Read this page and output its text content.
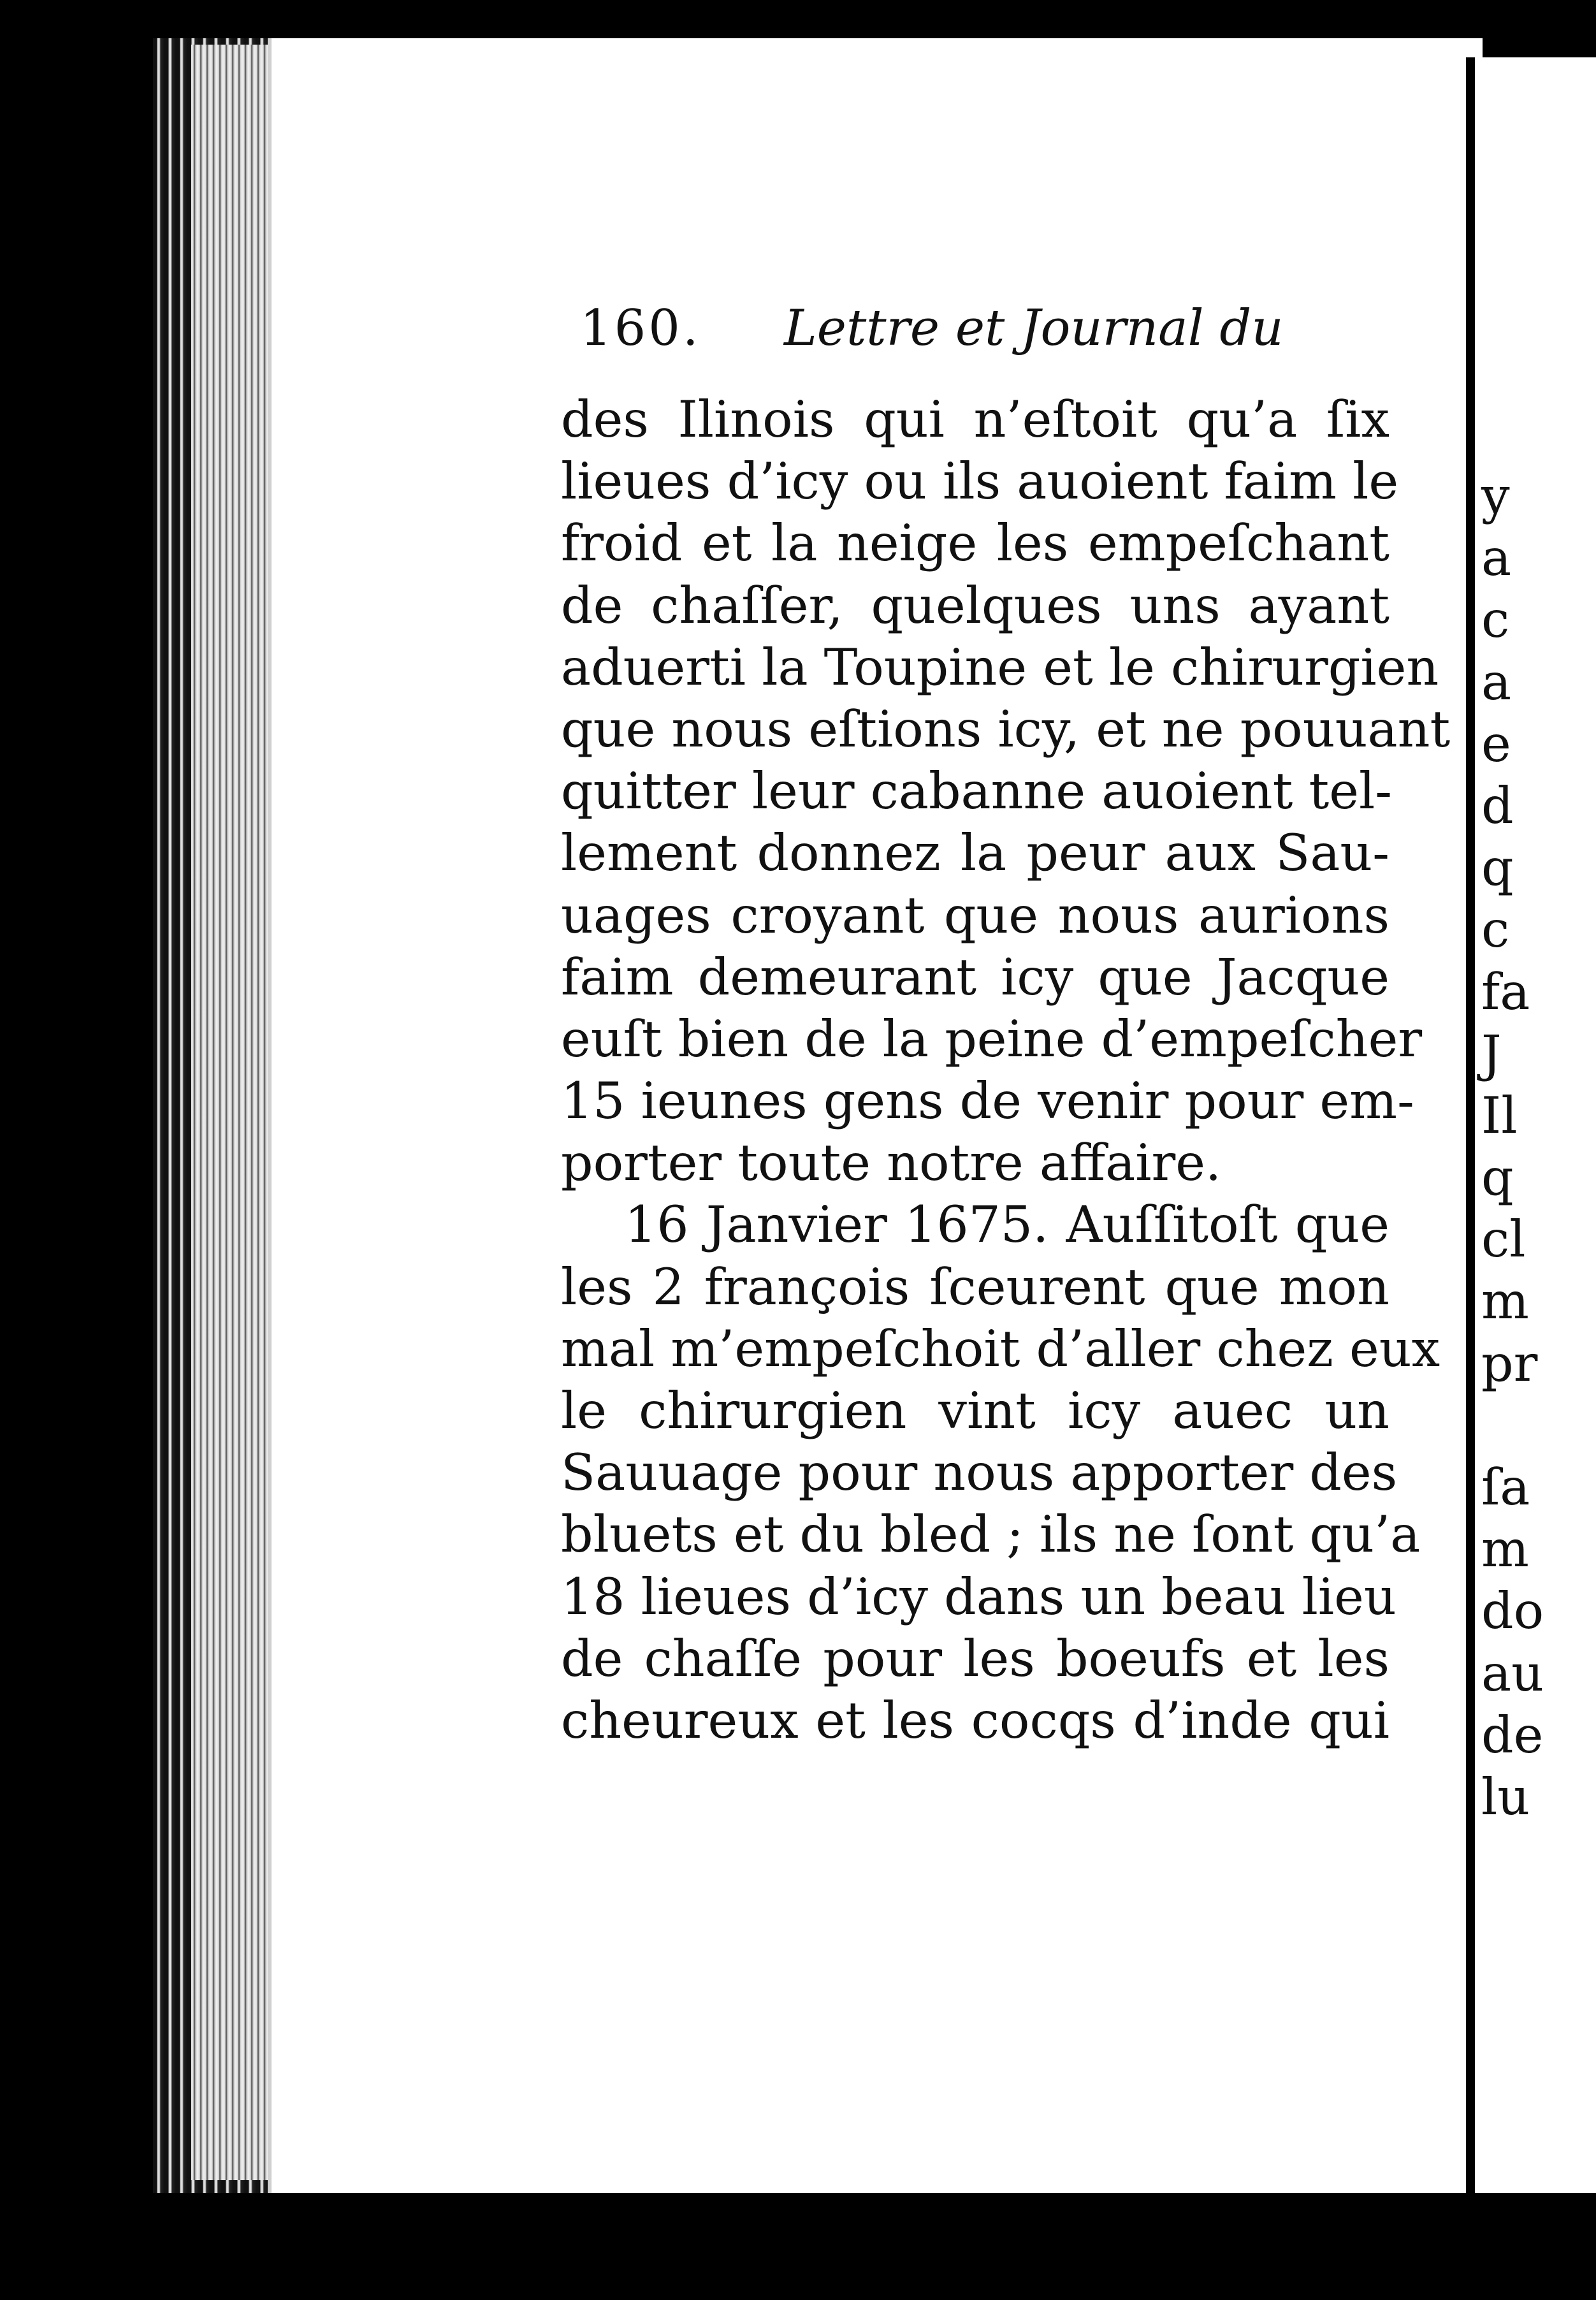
y
a
c
a
e
d
q
c
fa
J
Il
q
cl
m
pr
ſa
m
do
au
de
lu
160. Lettre et Journal du
des Ilinois qui n’eſtoit qu’a ſix
lieues d’icy ou ils auoient faim le
froid et la neige les empeſchant
de chaſſer, quelques uns ayant
aduerti la Toupine et le chirurgien
que nous eſtions icy, et ne pouuant
quitter leur cabanne auoient tel-
lement donnez la peur aux Sau-
uages croyant que nous aurions
faim demeurant icy que Jacque
euſt bien de la peine d’empeſcher
15 ieunes gens de venir pour em-
porter toute notre affaire.
16 Janvier 1675. Auſſitoſt que
les 2 françois ſceurent que mon
mal m’empeſchoit d’aller chez eux
le chirurgien vint icy auec un
Sauuage pour nous apporter des
bluets et du bled ; ils ne ſont qu’a
18 lieues d’icy dans un beau lieu
de chaſſe pour les boeufs et les
cheureux et les cocqs d’inde qui
